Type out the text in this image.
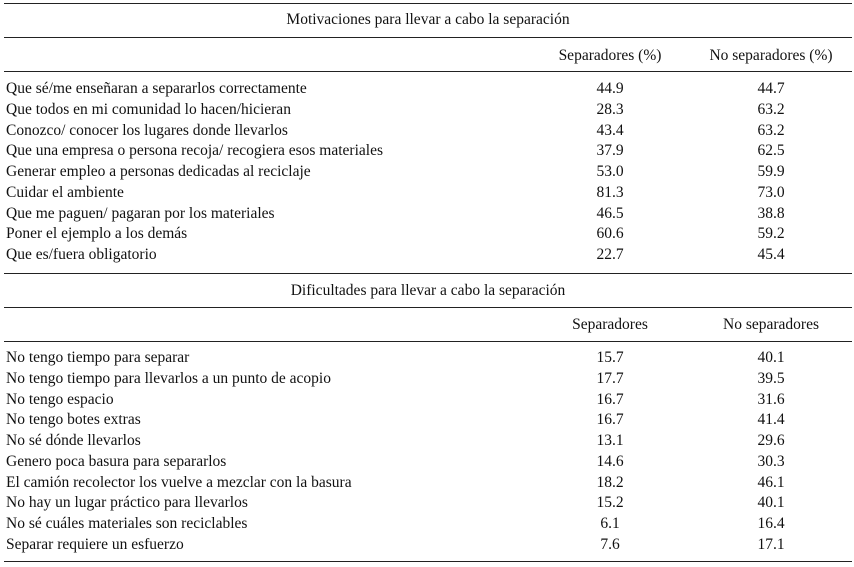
Motivaciones para llevar a cabo la separación
Separadores (%)	No separadores (%)
Que sé/me enseñaran a separarlos correctamente	44.9	44.7
Que todos en mi comunidad lo hacen/hicieran	28.3	63.2
Conozco/ conocer los lugares donde llevarlos	43.4	63.2
Que una empresa o persona recoja/ recogiera esos materiales	37.9	62.5
Generar empleo a personas dedicadas al reciclaje	53.0	59.9
Cuidar el ambiente	81.3	73.0
Que me paguen/ pagaran por los materiales	46.5	38.8
Poner el ejemplo a los demás	60.6	59.2
Que es/fuera obligatorio	22.7	45.4
Dificultades para llevar a cabo la separación
Separadores	No separadores
No tengo tiempo para separar	15.7	40.1
No tengo tiempo para llevarlos a un punto de acopio	17.7	39.5
No tengo espacio	16.7	31.6
No tengo botes extras	16.7	41.4
No sé dónde llevarlos	13.1	29.6
Genero poca basura para separarlos	14.6	30.3
El camión recolector los vuelve a mezclar con la basura	18.2	46.1
No hay un lugar práctico para llevarlos	15.2	40.1
No sé cuáles materiales son reciclables	6.1	16.4
Separar requiere un esfuerzo	7.6	17.1
